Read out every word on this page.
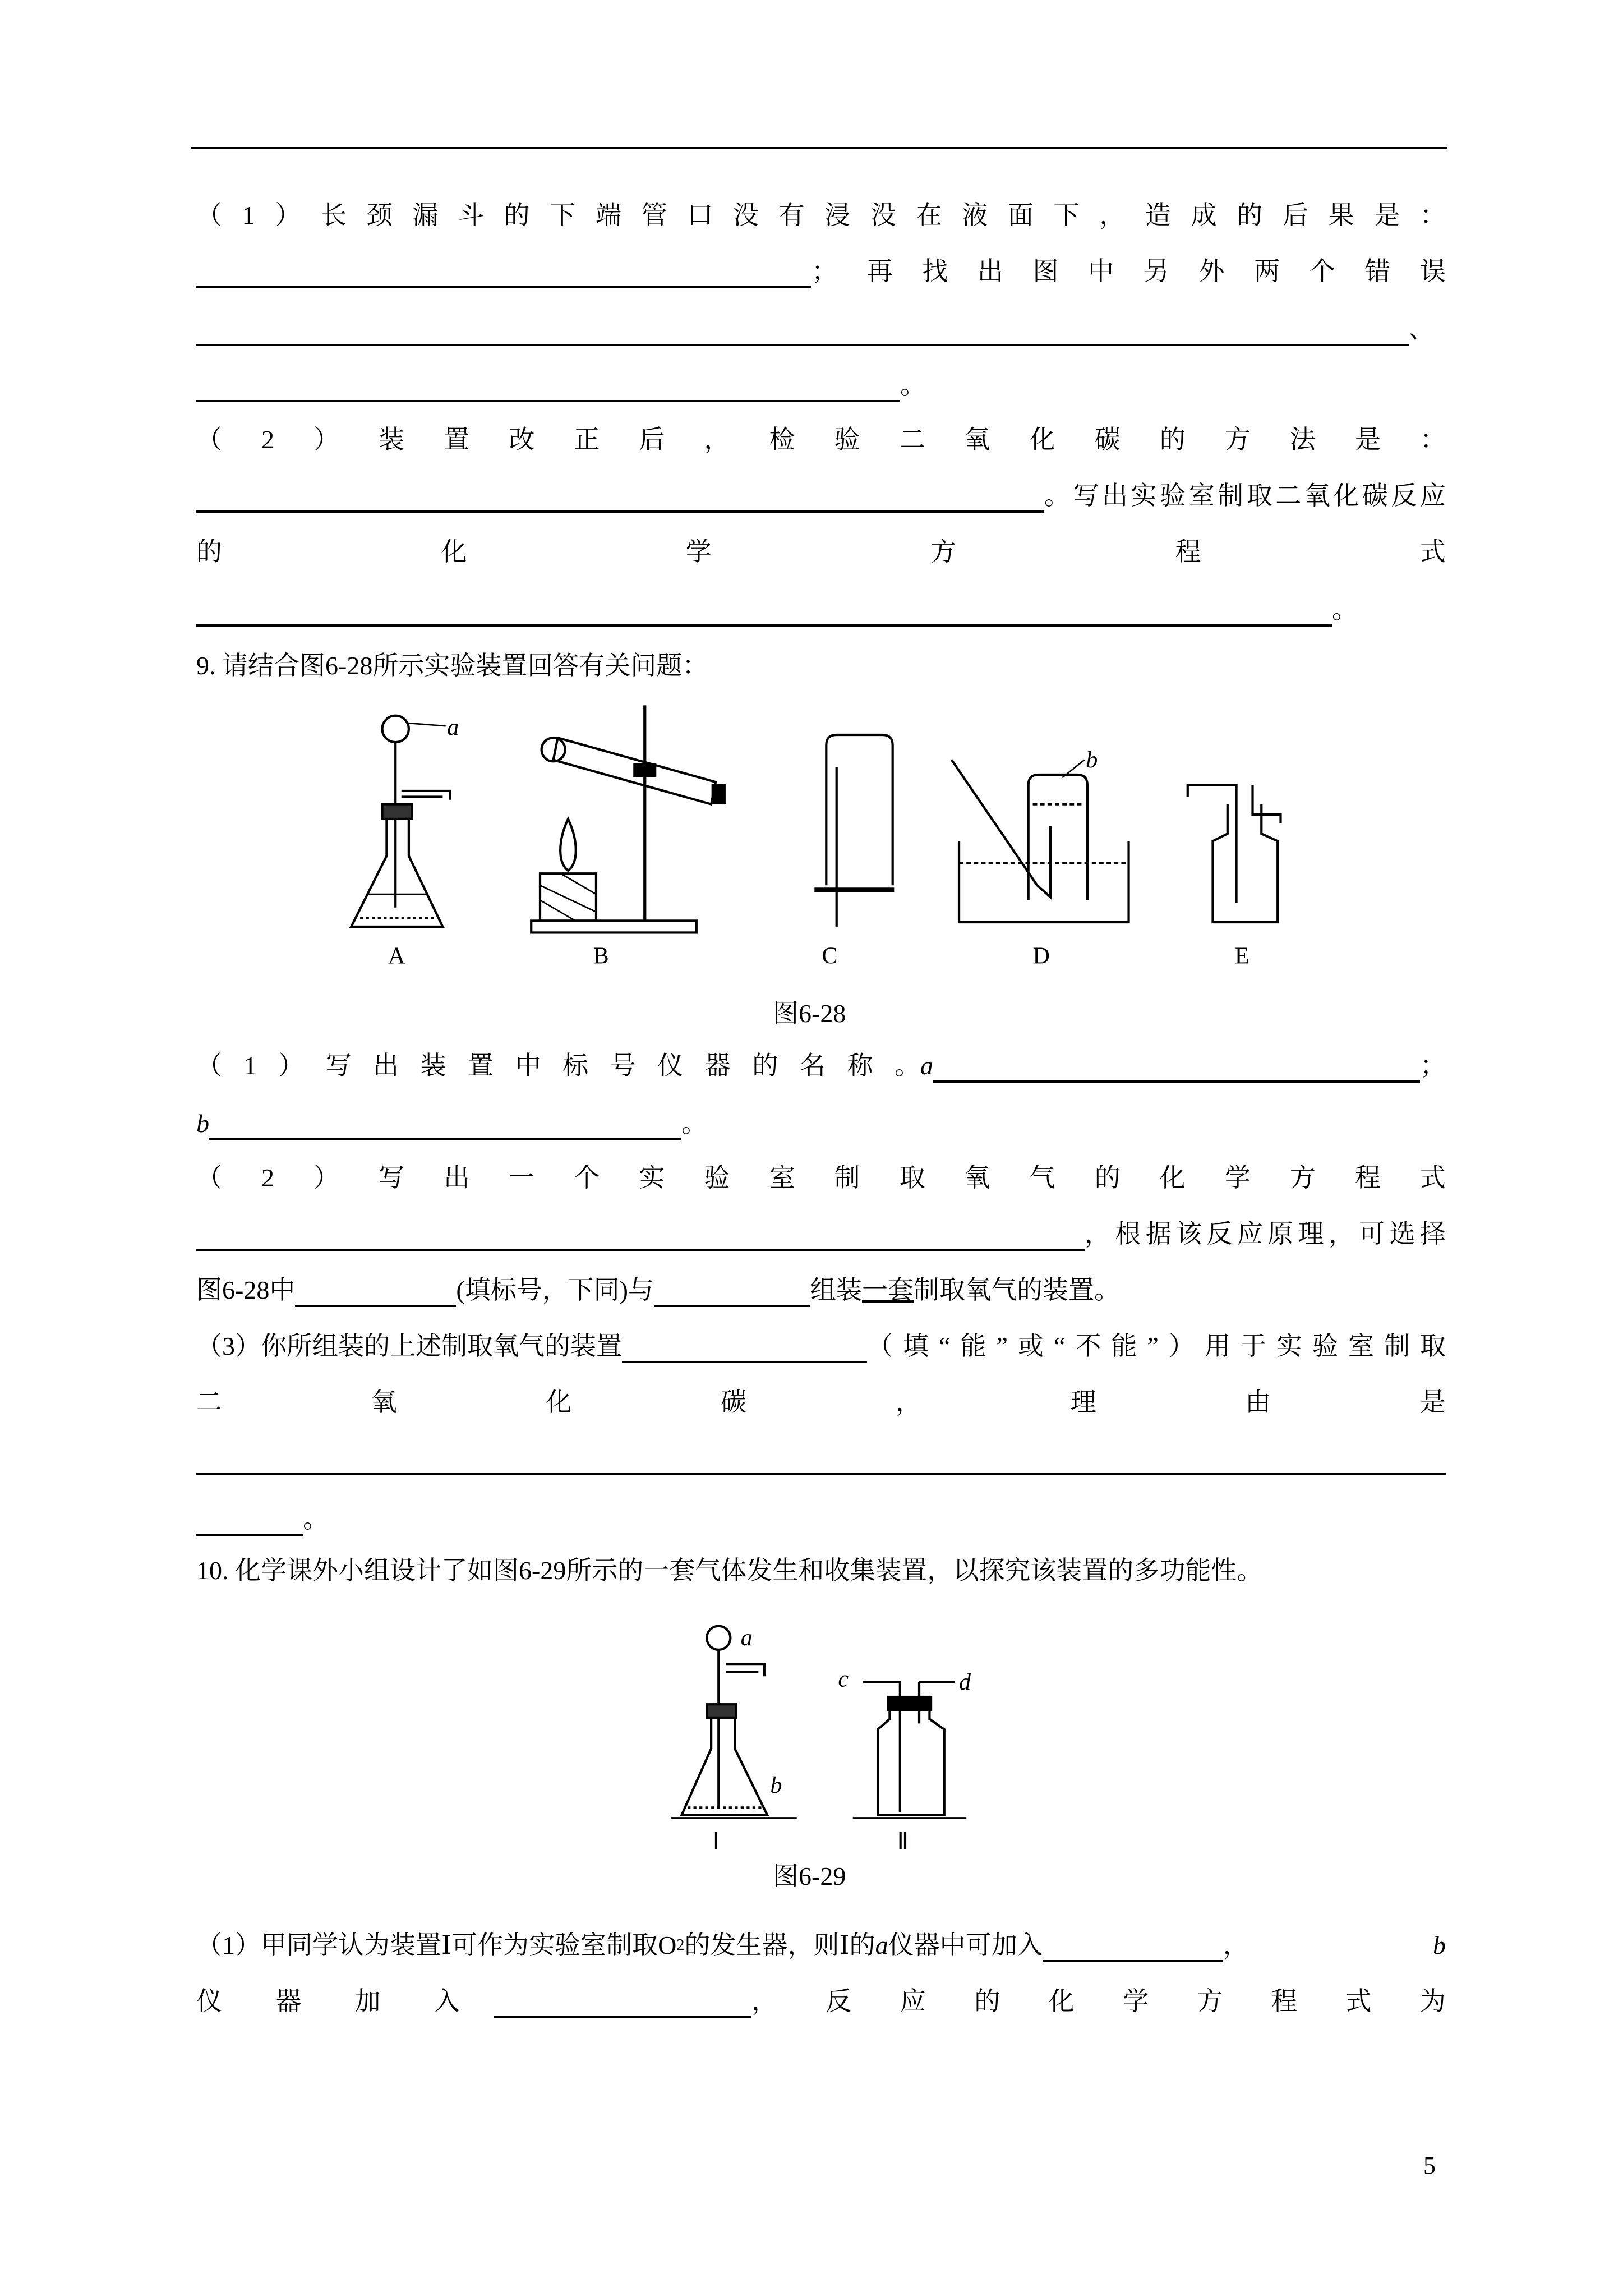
（1）长颈漏斗的下端管口没有浸没在液面下，造成的后果是：
；再找出图中另外两个错误
、
。
（2）装置改正后，检验二氧化碳的方法是：
。写出实验室制取二氧化碳反应
的化学方程式
。
9. 请结合图6-28所示实验装置回答有关问题：
a
b
A	B	C	D	E
a
b
c	d
Ⅰ	Ⅱ
图6-28
（1）写出装置中标号仪器的名称。 a	；
b	。
（2）写出一个实验室制取氧气的化学方程式
，根据该反应原理，可选择
图6-28中	(填标号，下同)与	组装 一套 制取氧气的装置。
（3）你所组装的上述制取氧气的装置	（填“能”或“不能”）用于实验室制取
二氧化碳，理由是
。
10. 化学课外小组设计了如图6-29所示的一套气体发生和收集装置，以探究该装置的多功能性。
图6-29
（1）甲同学认为装置Ⅰ可作为实验室制取O 2 的发生器，则Ⅰ的 a 仪器中可加入	，	b
仪器加入	，反应的化学方程式为
5
